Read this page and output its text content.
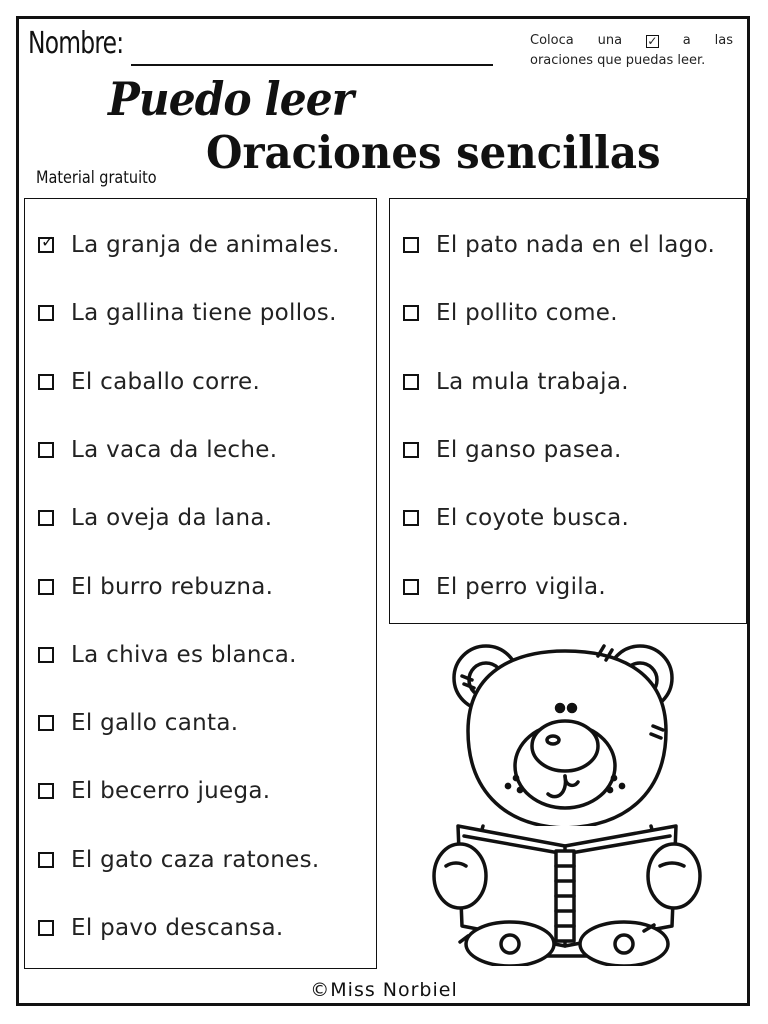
Nombre:	Coloca una ✓ a las
oraciones que puedas leer.
Puedo leer
Oraciones sencillas
Material gratuito
✓ La granja de animales.
La gallina tiene pollos.
El caballo corre.
La vaca da leche.
La oveja da lana.
El burro rebuzna.
La chiva es blanca.
El gallo canta.
El becerro juega.
El gato caza ratones.
El pavo descansa.
El pato nada en el lago.
El pollito come.
La mula trabaja.
El ganso pasea.
El coyote busca.
El perro vigila.
©Miss Norbiel
